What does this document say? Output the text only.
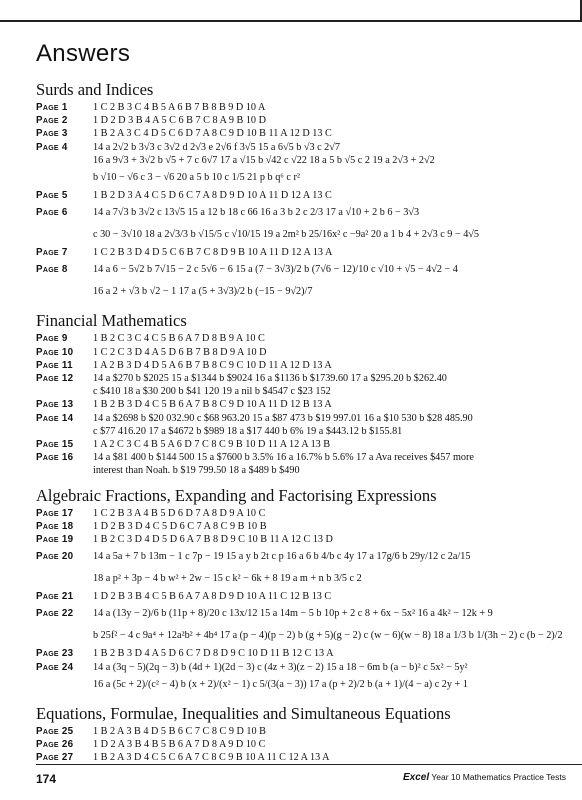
Answers
Surds and Indices
Page 1 1 C 2 B 3 C 4 B 5 A 6 B 7 B 8 B 9 D 10 A
Page 2 1 D 2 D 3 B 4 A 5 C 6 B 7 C 8 A 9 B 10 D
Page 3 1 B 2 A 3 C 4 D 5 C 6 D 7 A 8 C 9 D 10 B 11 A 12 D 13 C
Page 4 14 a 2√2 b 3√3 c 3√2 d 2√3 e 2√6 f 3√5 15 a 6√5 b √3 c 2√7
16 a 9√3 + 3√2 b √5 + 7 c 6√7 17 a √15 b √42 c √22 18 a 5 b √5 c 2 19 a 2√3 + 2√2
b √10 − √6 c 3 − √6 20 a 5 b 10 c 1/5 21 p b q⁶ c r²
Page 5 1 B 2 D 3 A 4 C 5 D 6 C 7 A 8 D 9 D 10 A 11 D 12 A 13 C
Page 6 14 a 7√3 b 3√2 c 13√5 15 a 12 b 18 c 66 16 a 3 b 2 c 2/3 17 a √10 + 2 b 6 − 3√3
c 30 − 3√10 18 a 2√3/3 b √15/5 c √10/15 19 a 2m² b 25/16x² c −9a² 20 a 1 b 4 + 2√3 c 9 − 4√5
Page 7 1 C 2 B 3 D 4 D 5 C 6 B 7 C 8 D 9 B 10 A 11 D 12 A 13 A
Page 8 14 a 6 − 5√2 b 7√15 − 2 c 5√6 − 6 15 a (7 − 3√3)/2 b (7√6 − 12)/10 c √10 + √5 − 4√2 − 4
16 a 2 + √3 b √2 − 1 17 a (5 + 3√3)/2 b (−15 − 9√2)/7
Financial Mathematics
Page 9 1 B 2 C 3 C 4 C 5 B 6 A 7 D 8 B 9 A 10 C
Page 10 1 C 2 C 3 D 4 A 5 D 6 B 7 B 8 D 9 A 10 D
Page 11 1 A 2 B 3 D 4 D 5 A 6 B 7 B 8 C 9 C 10 D 11 A 12 D 13 A
Page 12 14 a $270 b $2025 15 a $1344 b $9024 16 a $1136 b $1739.60 17 a $295.20 b $262.40
c $410 18 a $30 200 b $41 120 19 a nil b $4547 c $23 152
Page 13 1 B 2 B 3 D 4 C 5 B 6 A 7 B 8 C 9 D 10 A 11 D 12 B 13 A
Page 14 14 a $2698 b $20 032.90 c $68 963.20 15 a $87 473 b $19 997.01 16 a $10 530 b $28 485.90
c $77 416.20 17 a $4672 b $989 18 a $17 440 b 6% 19 a $443.12 b $155.81
Page 15 1 A 2 C 3 C 4 B 5 A 6 D 7 C 8 C 9 B 10 D 11 A 12 A 13 B
Page 16 14 a $81 400 b $144 500 15 a $7600 b 3.5% 16 a 16.7% b 5.6% 17 a Ava receives $457 more
interest than Noah. b $19 799.50 18 a $489 b $490
Algebraic Fractions, Expanding and Factorising Expressions
Page 17 1 C 2 B 3 A 4 B 5 D 6 D 7 A 8 D 9 A 10 C
Page 18 1 D 2 B 3 D 4 C 5 D 6 C 7 A 8 C 9 B 10 B
Page 19 1 B 2 C 3 D 4 D 5 D 6 A 7 B 8 D 9 C 10 B 11 A 12 C 13 D
Page 20 14 a 5a + 7 b 13m − 1 c 7p − 19 15 a y b 2t c p 16 a 6 b 4/b c 4y 17 a 17g/6 b 29y/12 c 2a/15
18 a p² + 3p − 4 b w² + 2w − 15 c k² − 6k + 8 19 a m + n b 3/5 c 2
Page 21 1 D 2 B 3 B 4 C 5 B 6 A 7 A 8 D 9 D 10 A 11 C 12 B 13 C
Page 22 14 a (13y − 2)/6 b (11p + 8)/20 c 13x/12 15 a 14m − 5 b 10p + 2 c 8 + 6x − 5x² 16 a 4k² − 12k + 9
b 25f² − 4 c 9a⁴ + 12a²b² + 4b⁴ 17 a (p − 4)(p − 2) b (g + 5)(g − 2) c (w − 6)(w − 8) 18 a 1/3 b 1/(3h − 2) c (b − 2)/2
Page 23 1 B 2 B 3 D 4 A 5 D 6 C 7 D 8 D 9 C 10 D 11 B 12 C 13 A
Page 24 14 a (3q − 5)(2q − 3) b (4d + 1)(2d − 3) c (4z + 3)(z − 2) 15 a 18 − 6m b (a − b)² c 5x² − 5y²
16 a (5c + 2)/(c² − 4) b (x + 2)/(x² − 1) c 5/(3(a − 3)) 17 a (p + 2)/2 b (a + 1)/(4 − a) c 2y + 1
Equations, Formulae, Inequalities and Simultaneous Equations
Page 25 1 B 2 A 3 B 4 D 5 B 6 C 7 C 8 C 9 D 10 B
Page 26 1 D 2 A 3 B 4 B 5 B 6 A 7 D 8 A 9 D 10 C
Page 27 1 B 2 A 3 D 4 C 5 C 6 A 7 C 8 C 9 B 10 A 11 C 12 A 13 A
174	Excel Year 10 Mathematics Practice Tests
